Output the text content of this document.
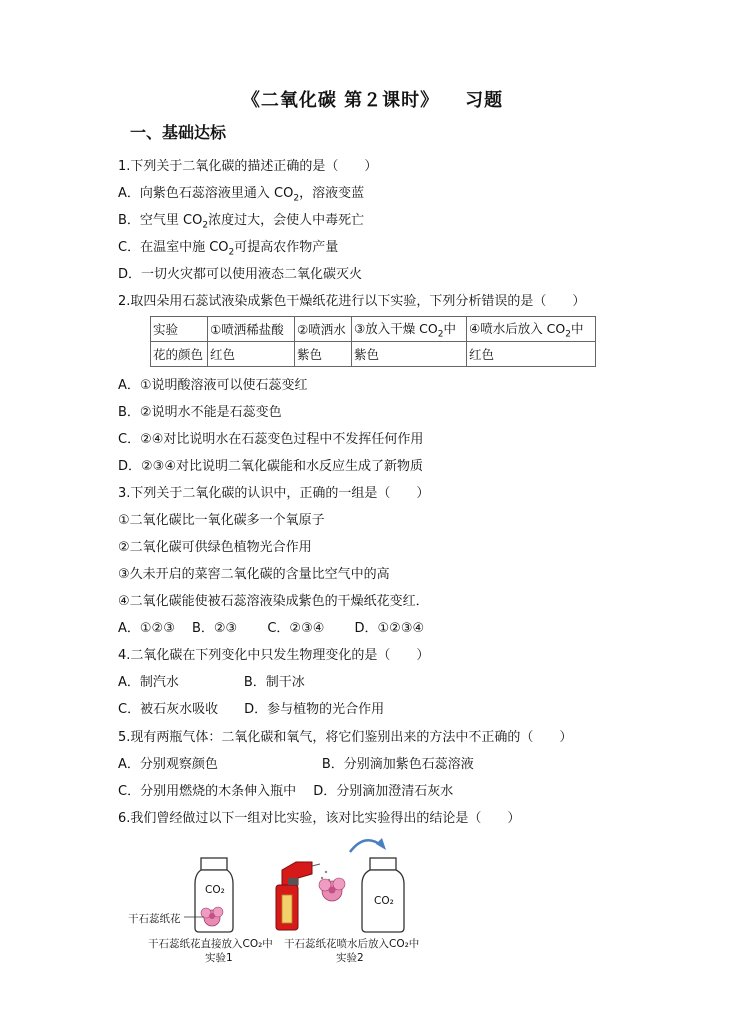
《二氧化碳 第２课时》 习题
一、基础达标
1.下列关于二氧化碳的描述正确的是（　　）
A．向紫色石蕊溶液里通入 $CO_2$，溶液变蓝
B．空气里 $CO_2$浓度过大，会使人中毒死亡
C．在温室中施 $CO_2$可提高农作物产量
D．一切火灾都可以使用液态二氧化碳灭火
2.取四朵用石蕊试液染成紫色干燥纸花进行以下实验，下列分析错误的是（　　）
实验	①喷洒稀盐酸	②喷洒水	③放入干燥 $CO_2$中	④喷水后放入 $CO_2$中
花的颜色	红色	紫色	紫色	红色
A．①说明酸溶液可以使石蕊变红
B．②说明水不能是石蕊变色
C．②④对比说明水在石蕊变色过程中不发挥任何作用
D．②③④对比说明二氧化碳能和水反应生成了新物质
3.下列关于二氧化碳的认识中，正确的一组是（　　）
①二氧化碳比一氧化碳多一个氧原子
②二氧化碳可供绿色植物光合作用
③久未开启的菜窖二氧化碳的含量比空气中的高
④二氧化碳能使被石蕊溶液染成紫色的干燥纸花变红．
A．①②③　 B．②③　 　C．②③④　 　D．①②③④
4.二氧化碳在下列变化中只发生物理变化的是（　　）
A．制汽水　　　　　B．制干冰
C．被石灰水吸收　　D．参与植物的光合作用
5.现有两瓶气体：二氧化碳和氧气，将它们鉴别出来的方法中不正确的（　　）
A．分别观察颜色　　　　　　　　B．分别滴加紫色石蕊溶液
C．分别用燃烧的木条伸入瓶中　 D．分别滴加澄清石灰水
6.我们曾经做过以下一组对比实验，该对比实验得出的结论是（　　）
CO₂
CO₂
干石蕊纸花
干石蕊纸花直接放入CO₂中
实验1
干石蕊纸花喷水后放入CO₂中
实验2
